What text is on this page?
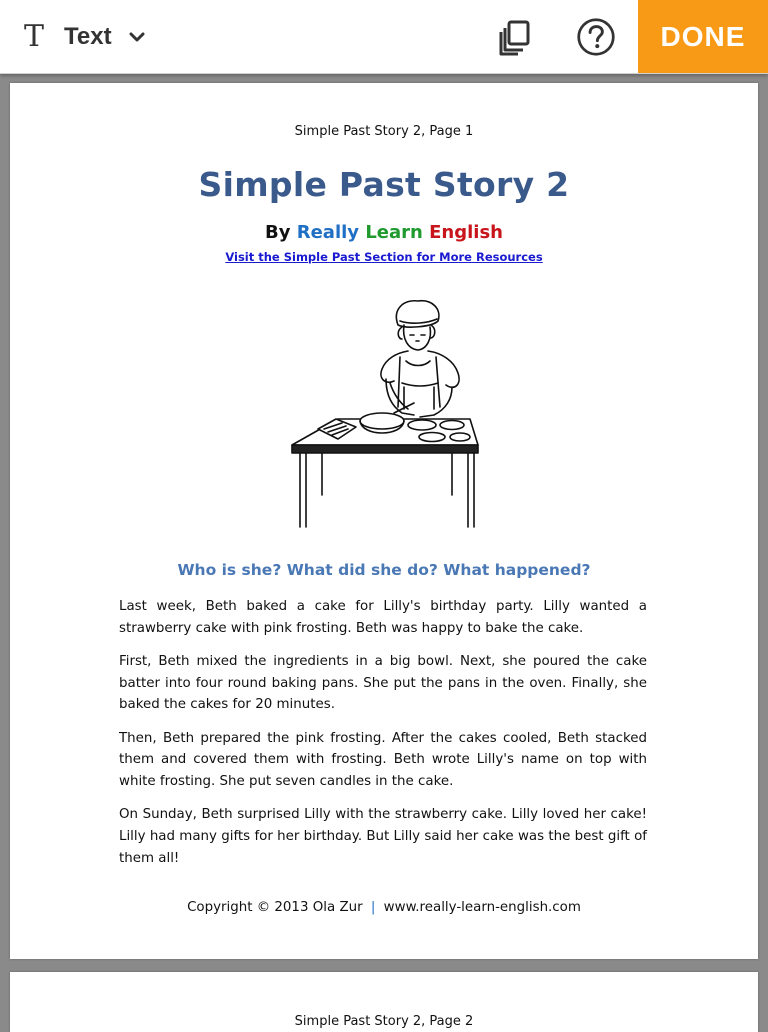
T Text	DONE
Simple Past Story 2, Page 1
Simple Past Story 2
By Really Learn English
Visit the Simple Past Section for More Resources
Who is she? What did she do? What happened?

Last week, Beth baked a cake for Lilly's birthday party. Lilly wanted a strawberry cake with pink frosting. Beth was happy to bake the cake.

First, Beth mixed the ingredients in a big bowl. Next, she poured the cake batter into four round baking pans. She put the pans in the oven. Finally, she baked the cakes for 20 minutes.

Then, Beth prepared the pink frosting. After the cakes cooled, Beth stacked them and covered them with frosting. Beth wrote Lilly's name on top with white frosting. She put seven candles in the cake.

On Sunday, Beth surprised Lilly with the strawberry cake. Lilly loved her cake! Lilly had many gifts for her birthday. But Lilly said her cake was the best gift of them all!

Copyright © 2013 Ola Zur | www.really-learn-english.com
Simple Past Story 2, Page 2
